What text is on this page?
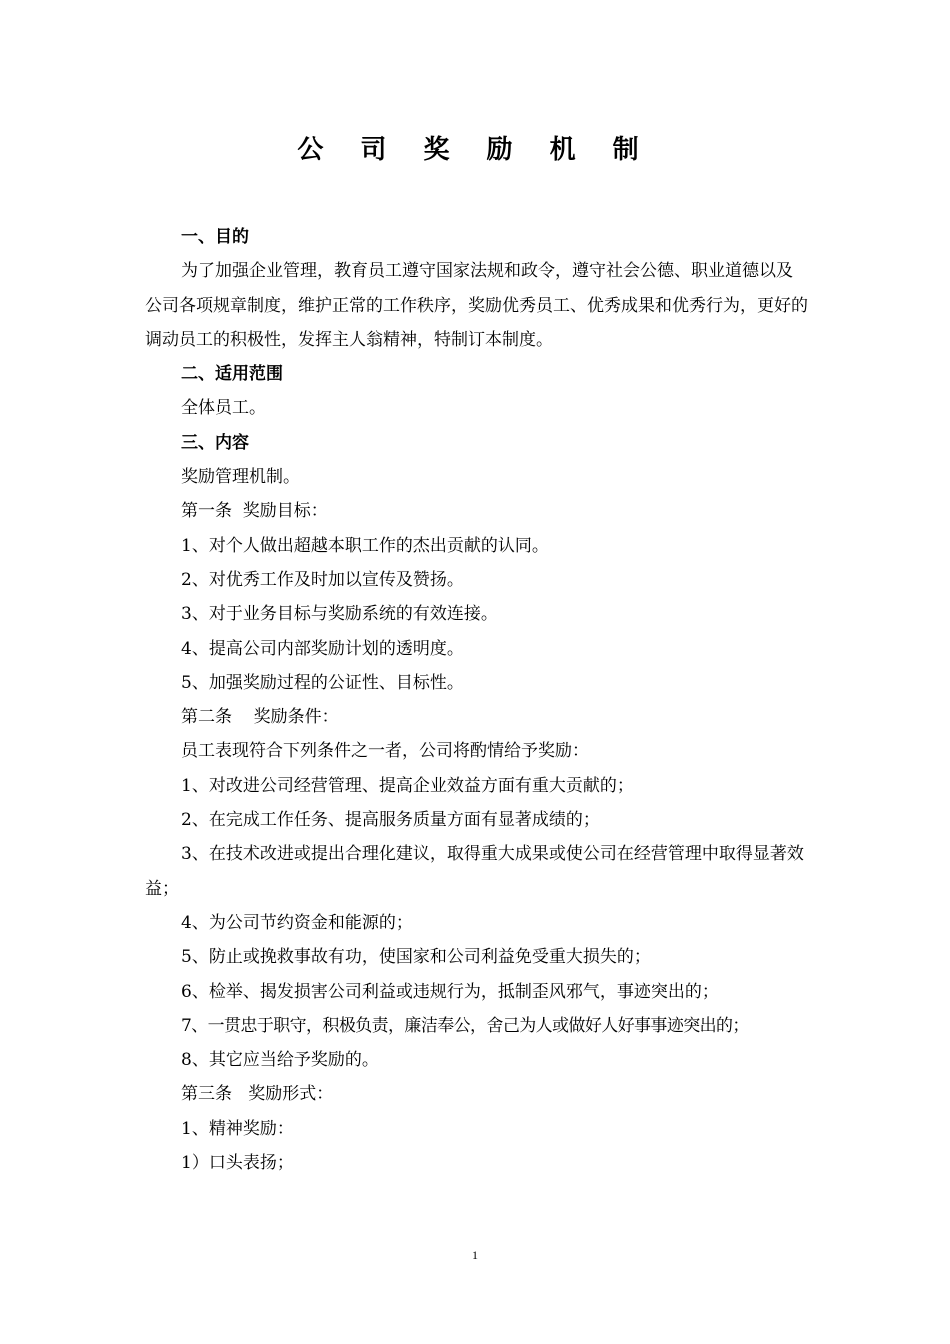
公 司 奖 励 机 制

一、目的

为了加强企业管理，教育员工遵守国家法规和政令，遵守社会公德、职业道德以及公司各项规章制度，维护正常的工作秩序，奖励优秀员工、优秀成果和优秀行为，更好的调动员工的积极性，发挥主人翁精神，特制订本制度。

二、适用范围

全体员工。

三、内容

奖励管理机制。

第一条  奖励目标：

1、对个人做出超越本职工作的杰出贡献的认同。

2、对优秀工作及时加以宣传及赞扬。

3、对于业务目标与奖励系统的有效连接。

4、提高公司内部奖励计划的透明度。

5、加强奖励过程的公证性、目标性。

第二条    奖励条件：

员工表现符合下列条件之一者，公司将酌情给予奖励：

1、对改进公司经营管理、提高企业效益方面有重大贡献的；

2、在完成工作任务、提高服务质量方面有显著成绩的；

3、在技术改进或提出合理化建议，取得重大成果或使公司在经营管理中取得显著效益；

4、为公司节约资金和能源的；

5、防止或挽救事故有功，使国家和公司利益免受重大损失的；

6、检举、揭发损害公司利益或违规行为，抵制歪风邪气，事迹突出的；

7、一贯忠于职守，积极负责，廉洁奉公，舍己为人或做好人好事事迹突出的；

8、其它应当给予奖励的。

第三条   奖励形式：

1、精神奖励：

1）口头表扬；

1
